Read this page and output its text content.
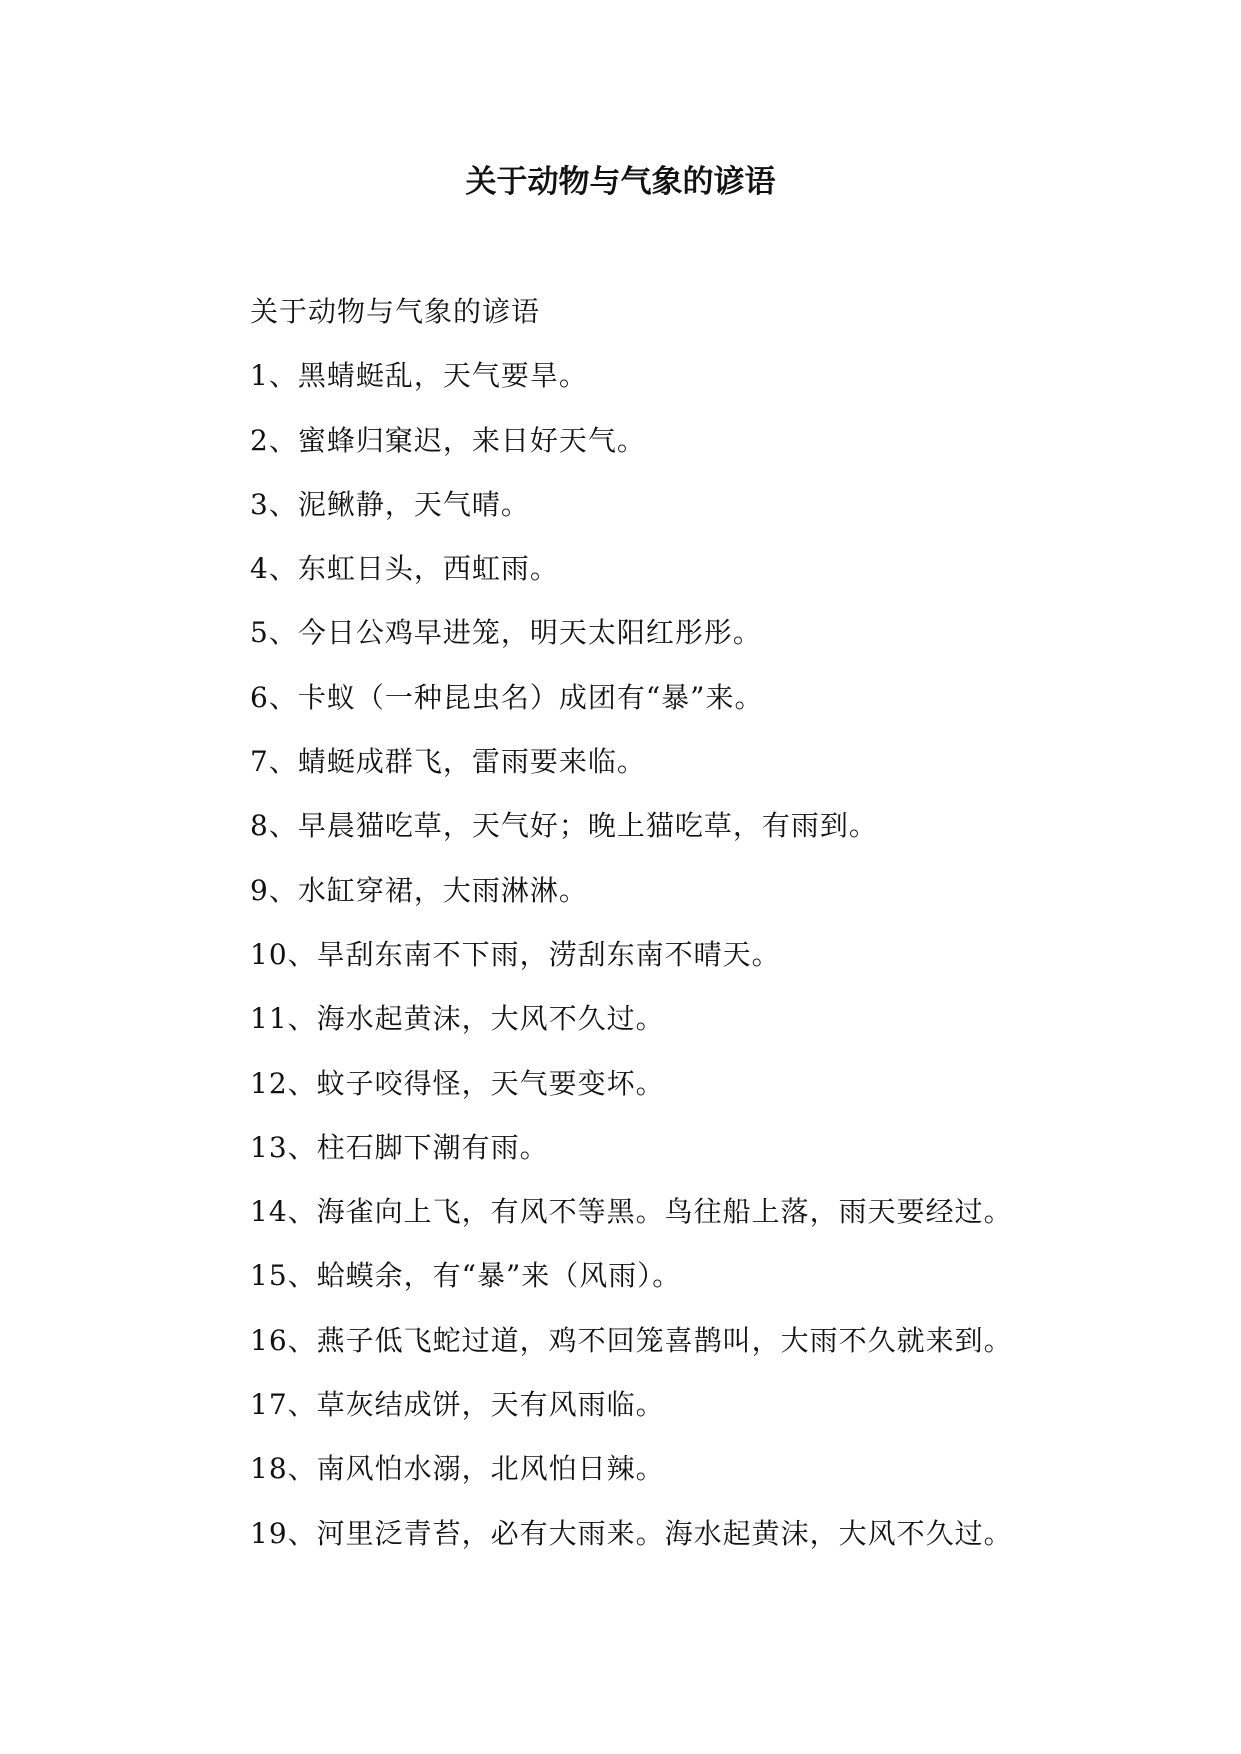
关于动物与气象的谚语
关于动物与气象的谚语
1、黑蜻蜓乱，天气要旱。
2、蜜蜂归窠迟，来日好天气。
3、泥鳅静，天气晴。
4、东虹日头，西虹雨。
5、今日公鸡早进笼，明天太阳红彤彤。
6、卡蚁（一种昆虫名）成团有“暴”来。
7、蜻蜓成群飞，雷雨要来临。
8、早晨猫吃草，天气好；晚上猫吃草，有雨到。
9、水缸穿裙，大雨淋淋。
10、旱刮东南不下雨，涝刮东南不晴天。
11、海水起黄沫，大风不久过。
12、蚊子咬得怪，天气要变坏。
13、柱石脚下潮有雨。
14、海雀向上飞，有风不等黑。鸟往船上落，雨天要经过。
15、蛤蟆余，有“暴”来（风雨）。
16、燕子低飞蛇过道，鸡不回笼喜鹊叫，大雨不久就来到。
17、草灰结成饼，天有风雨临。
18、南风怕水溺，北风怕日辣。
19、河里泛青苔，必有大雨来。海水起黄沫，大风不久过。
